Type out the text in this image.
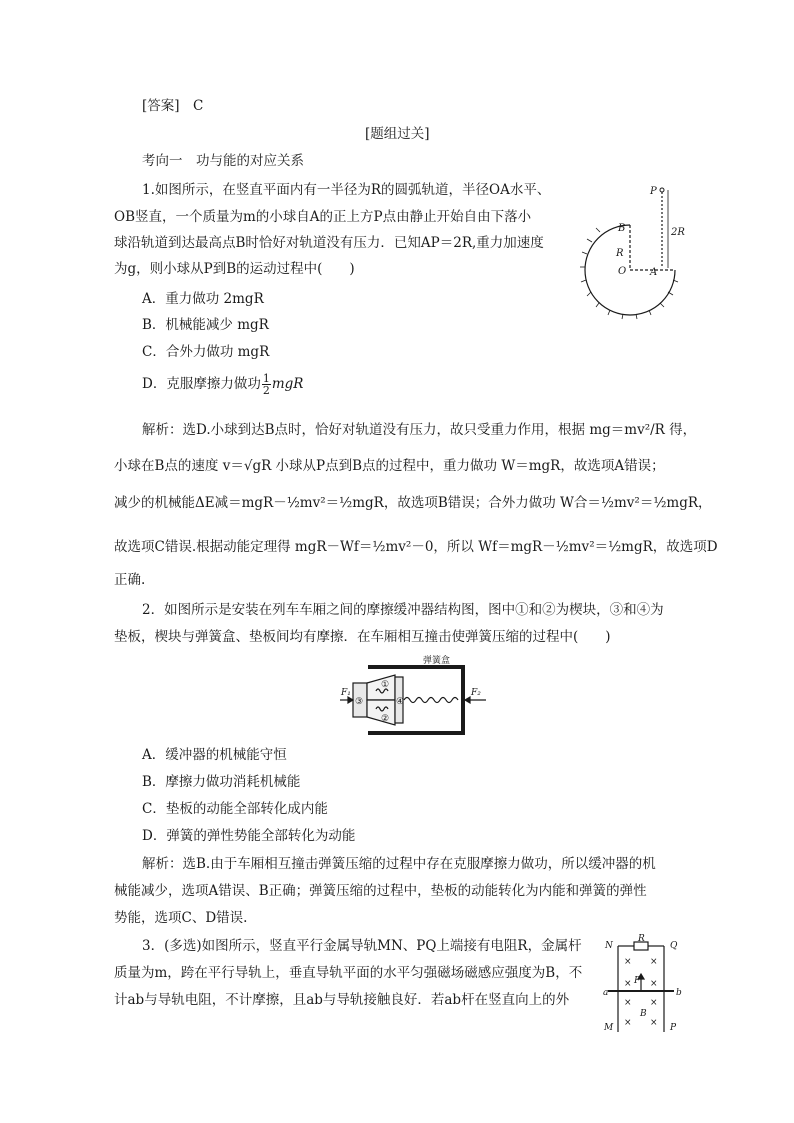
[答案]　C
[题组过关]
考向一　功与能的对应关系
1.如图所示，在竖直平面内有一半径为R的圆弧轨道，半径OA水平、
OB竖直，一个质量为m的小球自A的正上方P点由静止开始自由下落小
球沿轨道到达最高点B时恰好对轨道没有压力．已知AP＝2R,重力加速度
为g，则小球从P到B的运动过程中(　　)
A．重力做功 2mgR
B．机械能减少 mgR
C．合外力做功 mgR
D．克服摩擦力做功 $\frac{1}{2}$ mgR
解析：选D.小球到达B点时，恰好对轨道没有压力，故只受重力作用，根据 mg＝mv²/R 得，
小球在B点的速度 v＝√gR 小球从P点到B点的过程中，重力做功 W＝mgR，故选项A错误；
减少的机械能ΔE减＝mgR－½mv²＝½mgR，故选项B错误；合外力做功 W合＝½mv²＝½mgR，
故选项C错误.根据动能定理得 mgR－Wf＝½mv²－0，所以 Wf＝mgR－½mv²＝½mgR，故选项D
正确.
P
B
R
O A
2R
2．如图所示是安装在列车车厢之间的摩擦缓冲器结构图，图中①和②为楔块，③和④为
垫板，楔块与弹簧盒、垫板间均有摩擦．在车厢相互撞击使弹簧压缩的过程中(　　)
弹簧盒
F₁	F₂
①
②
③	④
A．缓冲器的机械能守恒
B．摩擦力做功消耗机械能
C．垫板的动能全部转化成内能
D．弹簧的弹性势能全部转化为动能
解析：选B.由于车厢相互撞击弹簧压缩的过程中存在克服摩擦力做功，所以缓冲器的机
械能减少，选项A错误、B正确；弹簧压缩的过程中，垫板的动能转化为内能和弹簧的弹性
势能，选项C、D错误.
3．(多选)如图所示，竖直平行金属导轨MN、PQ上端接有电阻R，金属杆
质量为m，跨在平行导轨上，垂直导轨平面的水平匀强磁场磁感应强度为B，不
计ab与导轨电阻，不计摩擦，且ab与导轨接触良好．若ab杆在竖直向上的外
N	Q
R
a	b
F
B
M	P
× ×
× ×
× ×
× ×
